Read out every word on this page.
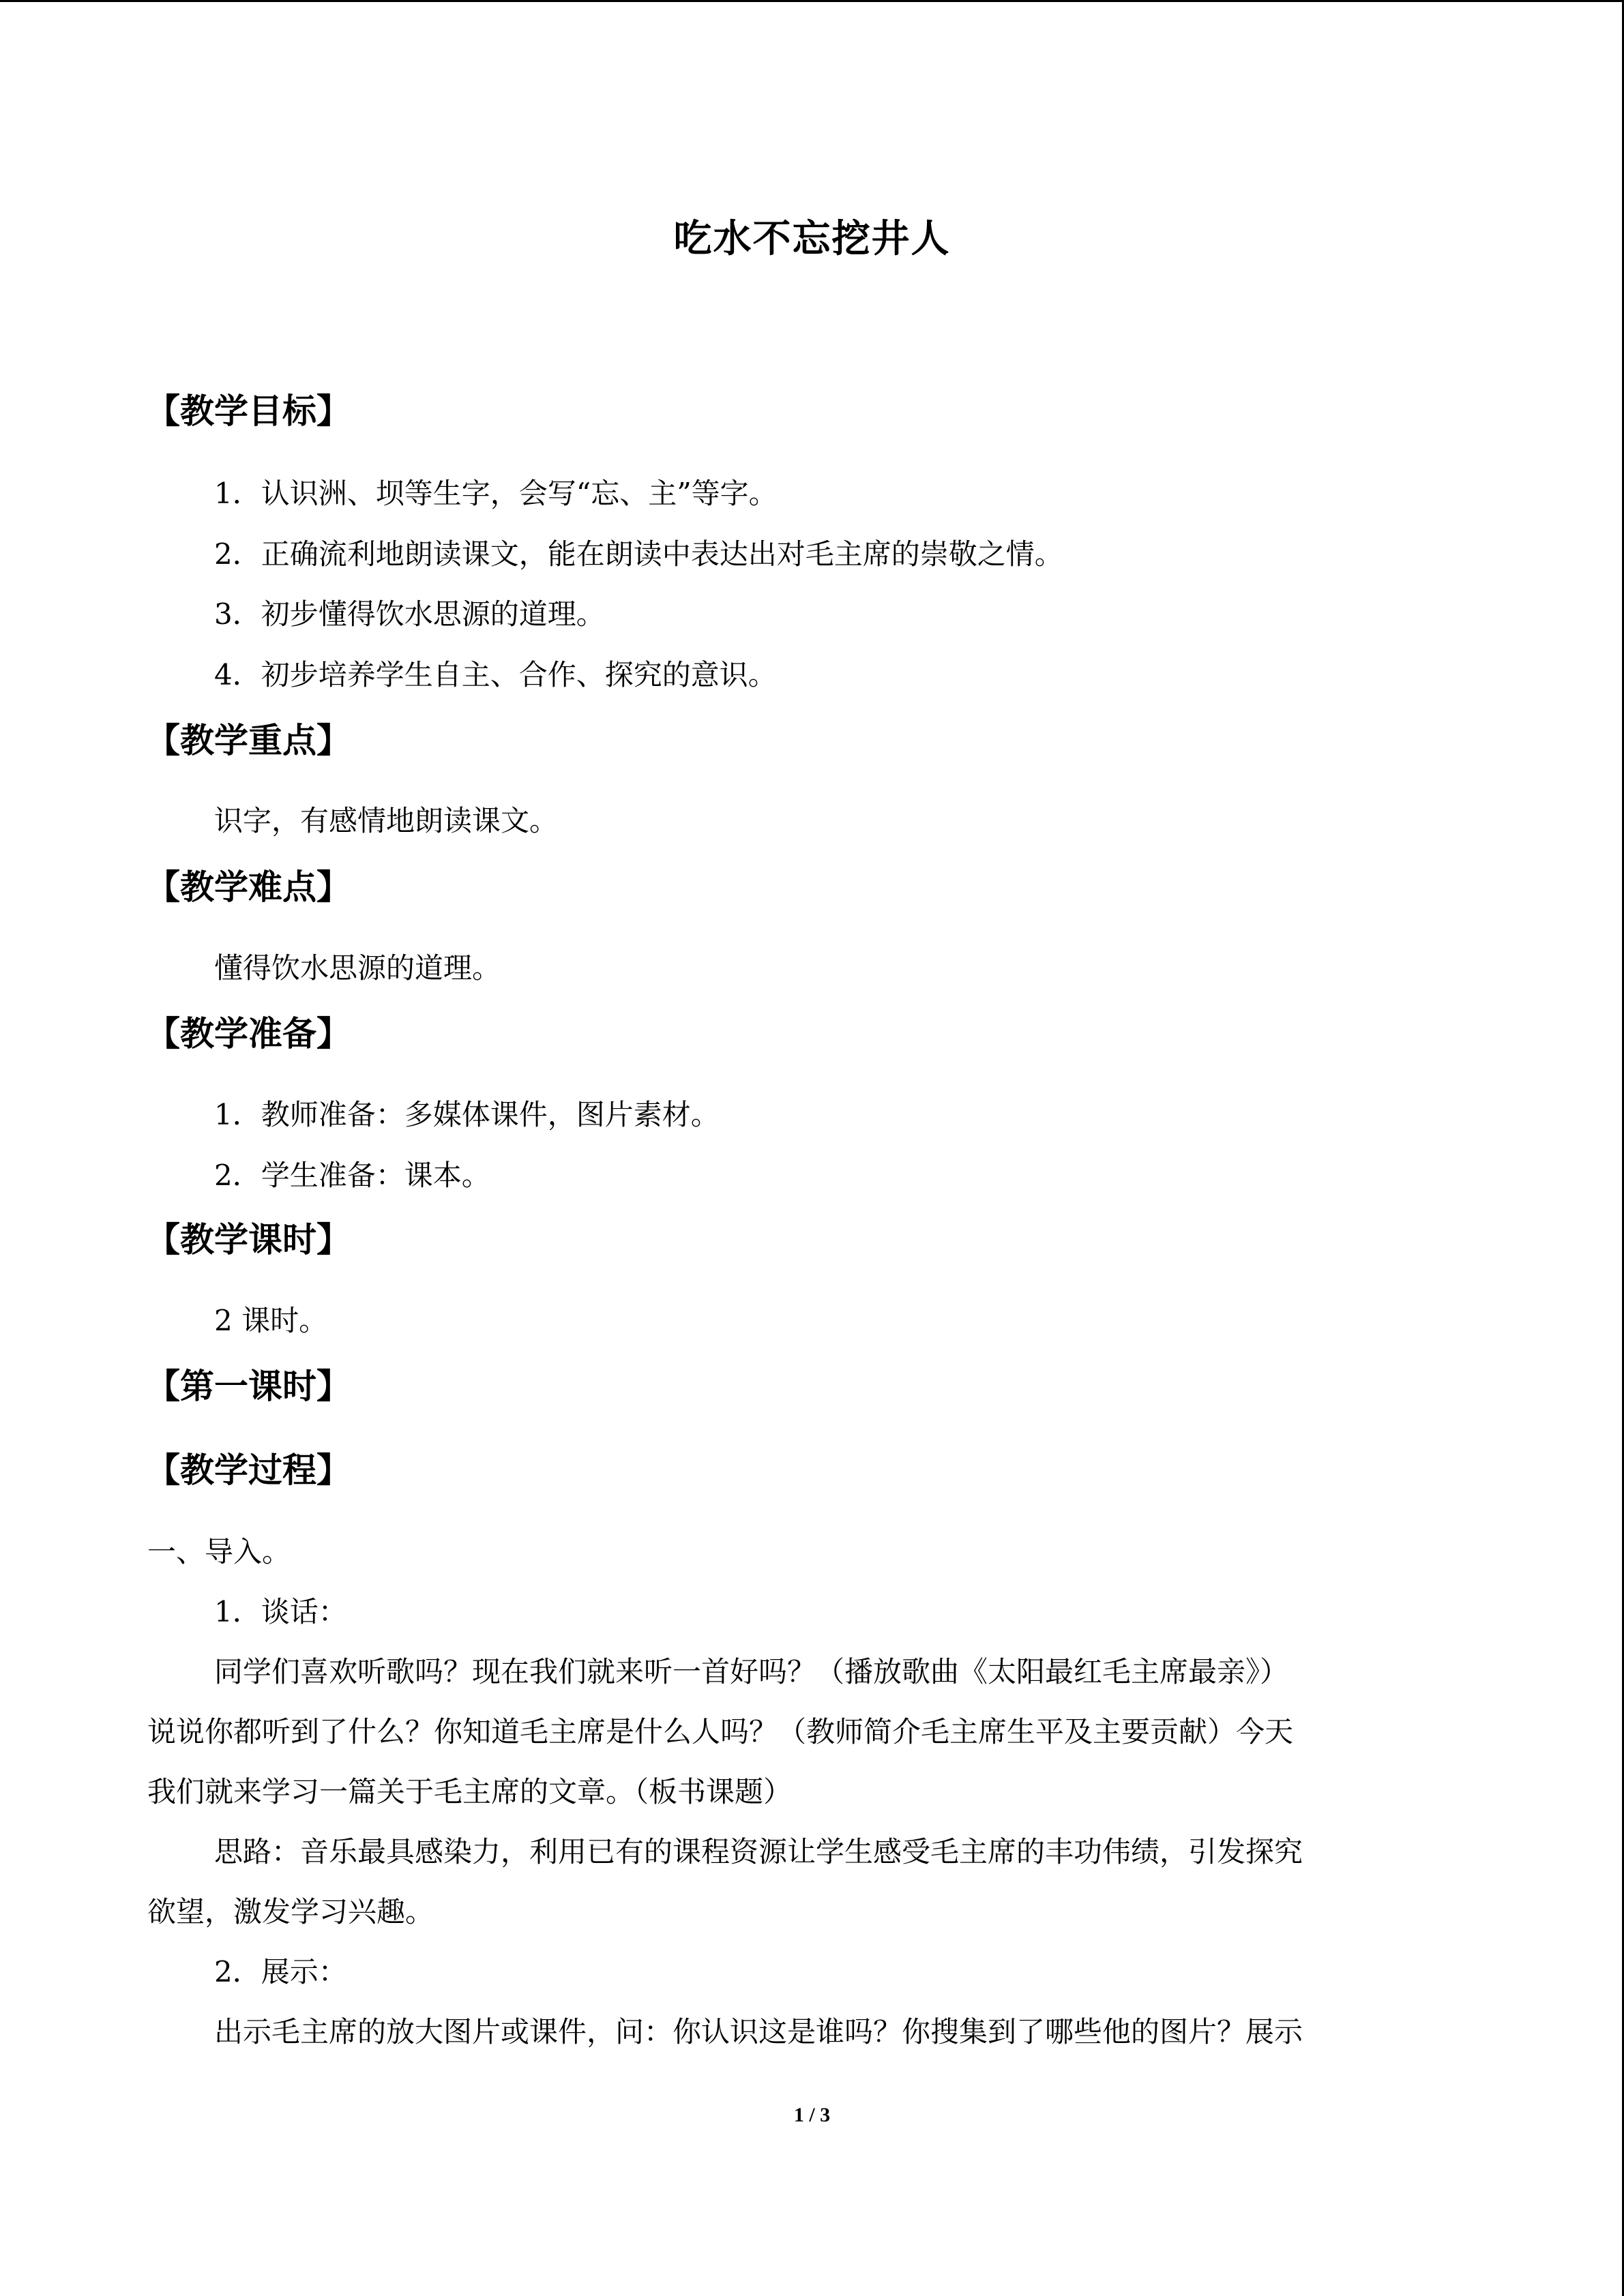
吃水不忘挖井人
【教学目标】
1．认识洲、坝等生字，会写“忘、主”等字。
2．正确流利地朗读课文，能在朗读中表达出对毛主席的崇敬之情。
3．初步懂得饮水思源的道理。
4．初步培养学生自主、合作、探究的意识。
【教学重点】
识字，有感情地朗读课文。
【教学难点】
懂得饮水思源的道理。
【教学准备】
1．教师准备：多媒体课件，图片素材。
2．学生准备：课本。
【教学课时】
2 课时。
【第一课时】
【教学过程】
一、导入。
1．谈话：
同学们喜欢听歌吗？现在我们就来听一首好吗？（播放歌曲《太阳最红毛主席最亲》）
说说你都听到了什么？你知道毛主席是什么人吗？（教师简介毛主席生平及主要贡献）今天
我们就来学习一篇关于毛主席的文章。（板书课题）
思路：音乐最具感染力，利用已有的课程资源让学生感受毛主席的丰功伟绩，引发探究
欲望，激发学习兴趣。
2．展示：
出示毛主席的放大图片或课件，问：你认识这是谁吗？你搜集到了哪些他的图片？展示
1 / 3
